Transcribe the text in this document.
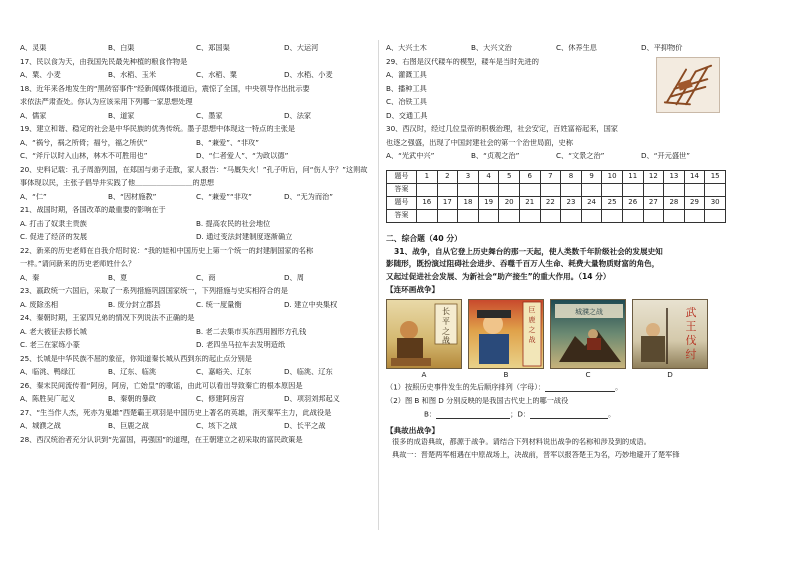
A、灵渠	B、白渠	C、郑国渠	D、大运河
17、民以食为天，由我国先民最先种植的粮食作物是
A、粟、小麦	B、水稻、玉米	C、水稻、粟	D、水稻、小麦
18、近年来各地发生的“黑砖窑事件”经新闻媒体报道后，震惊了全国，中央领导作出批示要
求依法严肃查处。你认为应该采用下列哪一家思想处理
A、儒家	B、道家	C、墨家	D、法家
19、建立和谐、稳定的社会是中华民族的优秀传统。墨子思想中体现这一特点的主张是
A、“祸兮，祸之所倚；福兮，福之所伏”	B、“兼爱”、“非攻”
C、“斧斤以时入山林，林木不可胜用也”	D、“仁者爱人”、“为政以德”
20、史料记载：孔子周游列国，在郑国与弟子走散，家人报告：“马厩失火！”孔子听后，问“伤人乎？”这则故
事体现以民，主张子倡导并实践了他＿＿＿＿＿＿＿＿的思想
A、“仁”	B、“因材施教”	C、“兼爱”“非攻”	D、“无为而治”
21、战国时期，各国改革的最重要的影响在于
A. 打击了奴隶主贵族	B. 提高农民的社会地位
C. 促进了经济的发展	D. 通过变法封建制度逐渐确立
22、新来的历史老师在自我介绍时说：“我的娃和中国历史上第一个统一的封建制国家的名称
一样。”请问新来的历史老师姓什么？
A、秦	B、夏	C、商	D、周
23、嬴政统一六国后，采取了一系列措施巩固国家统一，下列措施与史实相符合的是
A. 废除丞相	B. 废分封立郡县	C. 统一度量衡	D. 建立中央集权
24、秦朝时期，王家四兄弟的情况下列说法不正确的是
A. 老大被征去修长城	B. 老二去集市买东西用圆形方孔钱
C. 老三在家练小篆	D. 老四坐马拉车去发明造纸
25、长城是中华民族不屈的象征，你知道秦长城从西到东的起止点分别是
A、临洮、鸭绿江	B、辽东、临洮	C、嘉峪关、辽东	D、临洮、辽东
26、秦末民间流传着“阿房，阿房，亡始皇”的歌谣，由此可以看出导致秦亡的根本原因是
A、陈胜吴广起义	B、秦朝的暴政	C、修建阿房宫	D、项羽刘邦起义
27、“生当作人杰，死亦为鬼雄”西楚霸王项羽是中国历史上著名的英雄，消灭秦军主力，此战役是
A、城濮之战	B、巨鹿之战	C、垓下之战	D、长平之战
28、西汉统治者充分认识到“先富国，再强国”的道理，在王朝建立之初采取的富民政策是
A、大兴土木	B、大兴文治	C、休养生息	D、平抑物价
29、右图是汉代耧车的模型，耧车是当时先进的
A、灌溉工具
B、播种工具
C、冶铁工具
D、交通工具
30、西汉时，经过几位皇帝的积极治理，社会安定，百姓富裕起来，国家
也逐之强盛，出现了中国封建社会的第一个治世局面，史称
A、“光武中兴”	B、“贞观之治”	C、“文景之治”	D、“开元盛世”
题号	1	2	3	4	5	6	7	8	9	10	11	12	13	14	15
答案															
题号	16	17	18	19	20	21	22	23	24	25	26	27	28	29	30
答案															
二、综合题（40 分）
31、战争，自从它登上历史舞台的那一天起，使人类数千年阶级社会的发展史知
影随形，既扮演过阻碍社会进步、吞噬千百万人生命、耗费大量物质财富的角色，
又起过促进社会发展、为新社会“助产接生”的重大作用。（14 分）
【连环画战争】
长
平
之
战
巨
鹿
之
战
城濮之战	武
王
伐
纣
A	B	C	D
（1）按照历史事件发生的先后顺序排列（字母）：	。
（2）图 B 和图 D 分别反映的是我国古代史上的哪一战役
B：	；D：	。
【典故出战争】
很多的成语典故，都源于战争。请结合下列材料说出战争的名称和涉及到的成语。
典故一：晋楚两军相遇在中原战场上，决战前，晋军以报答楚王为名，巧妙地避开了楚军锋
